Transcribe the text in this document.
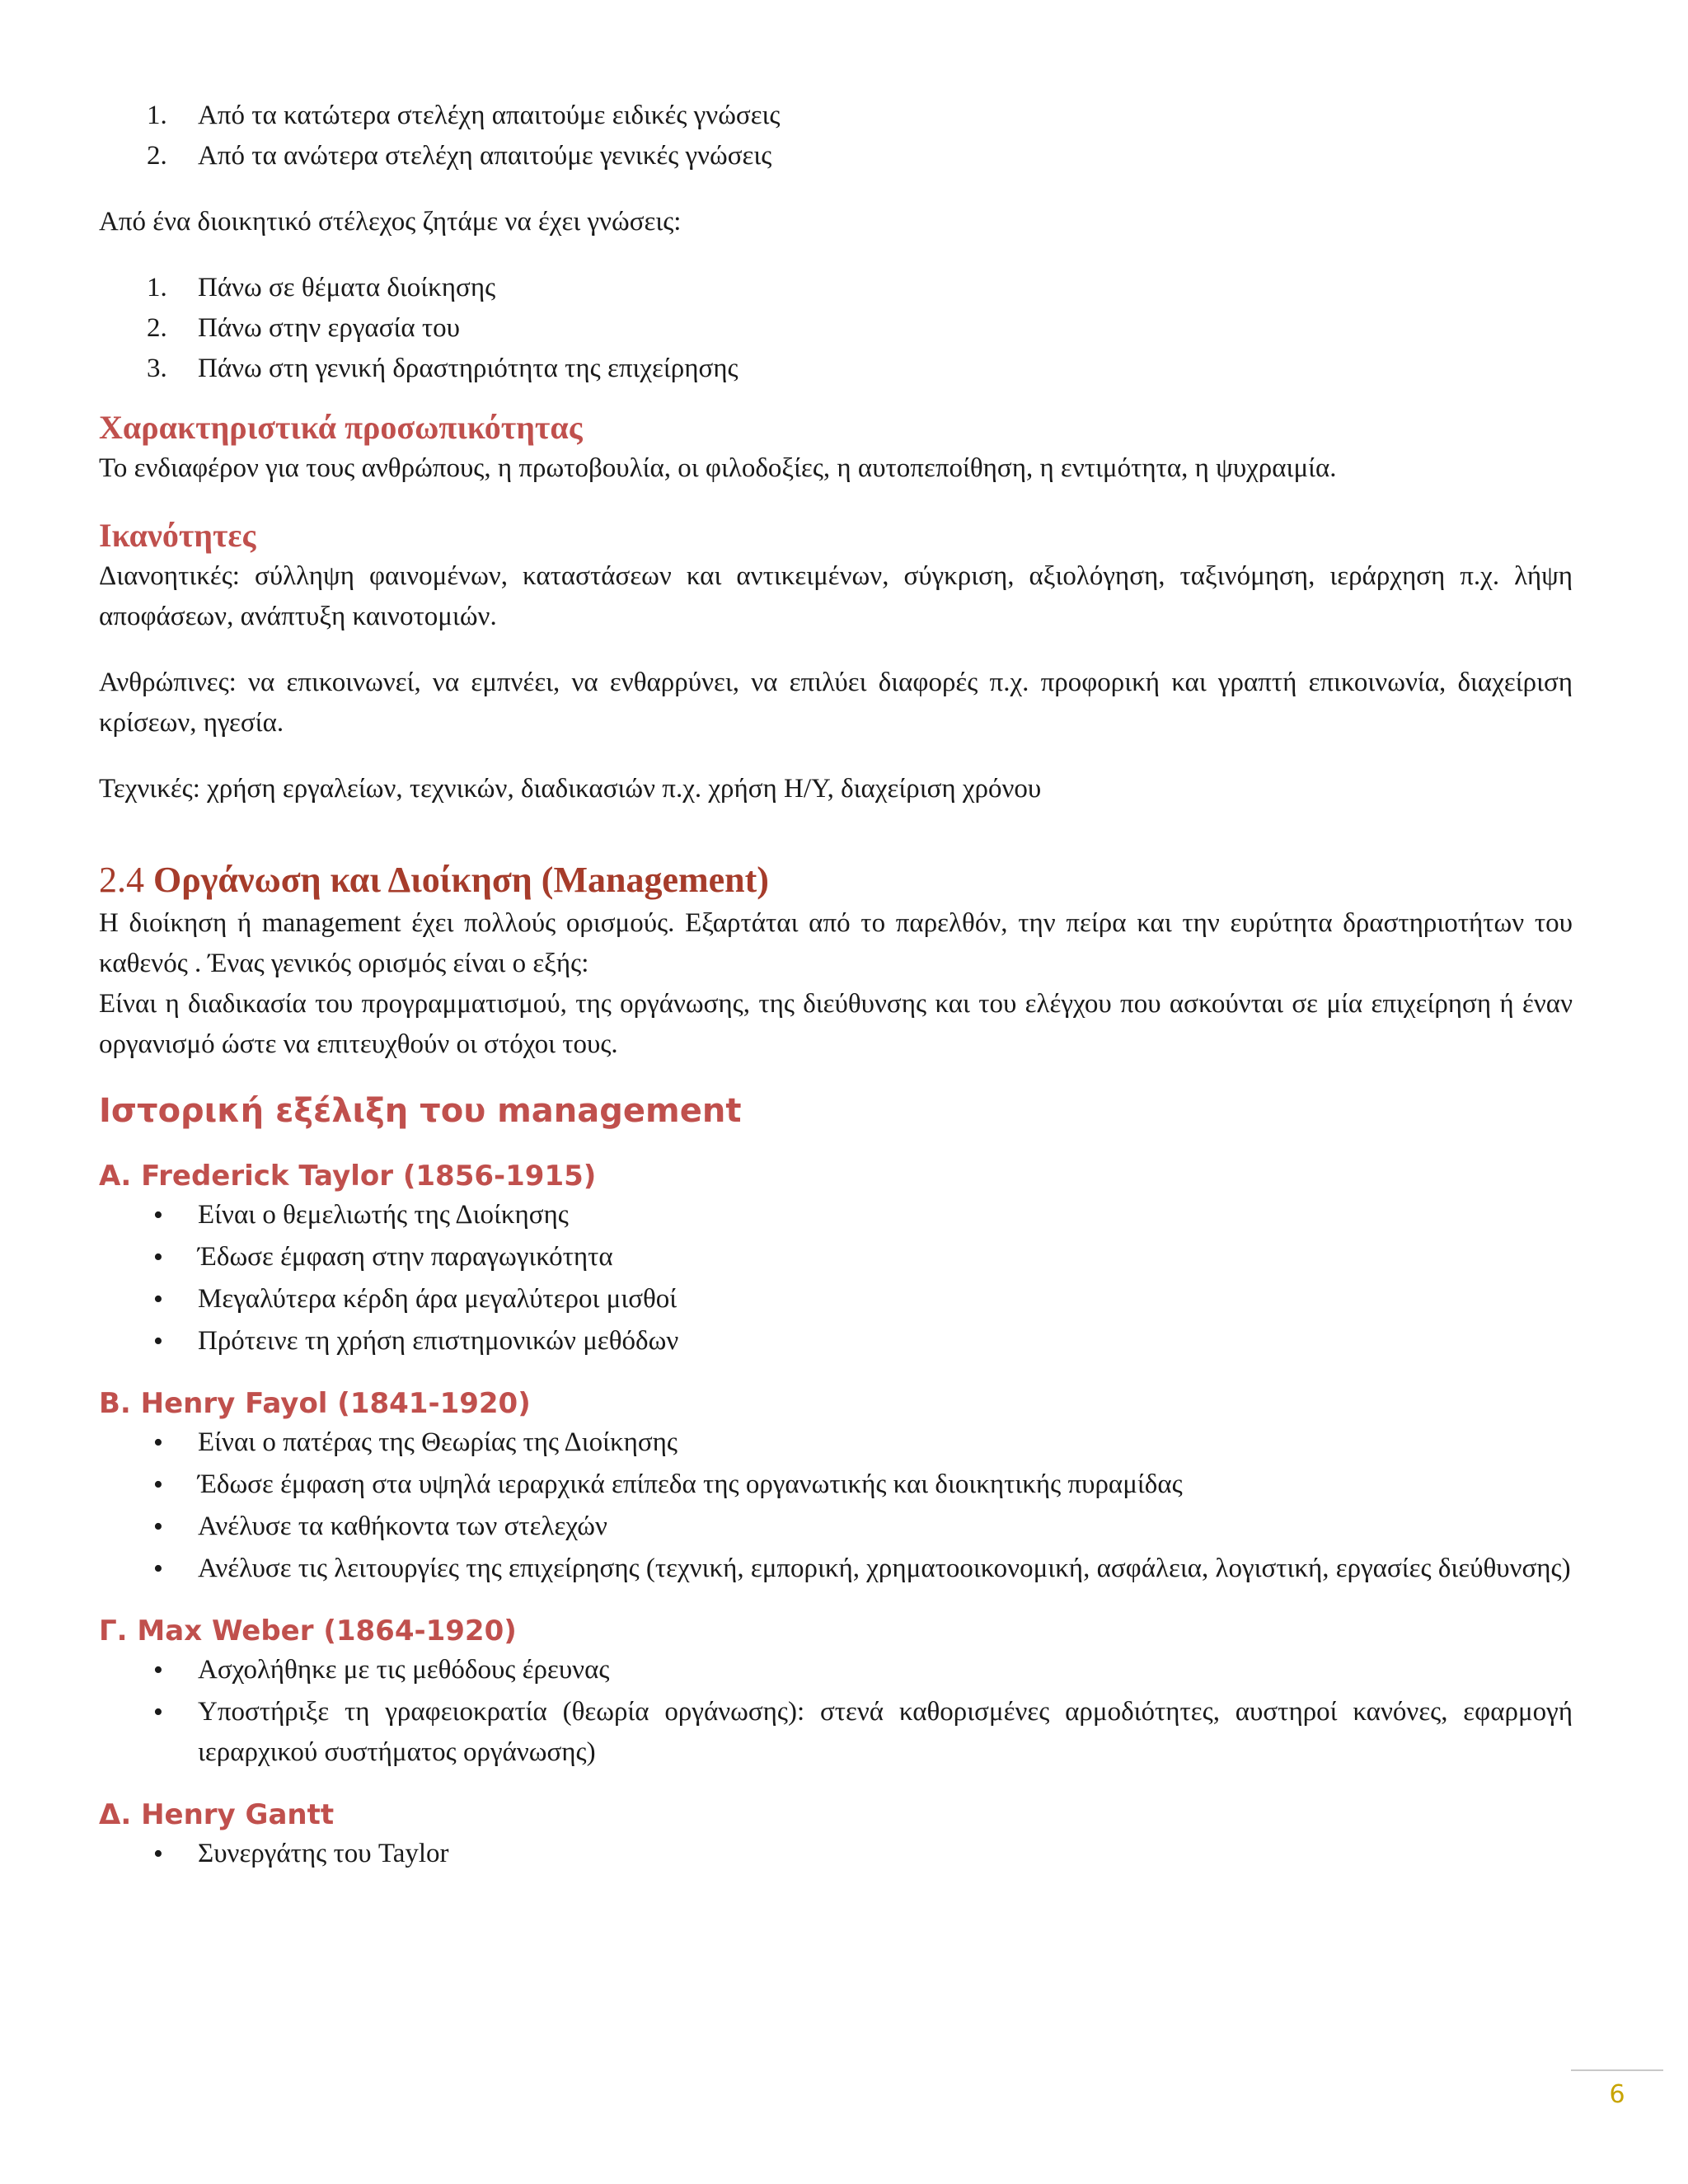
1. Από τα κατώτερα στελέχη απαιτούμε ειδικές γνώσεις
2. Από τα ανώτερα στελέχη απαιτούμε γενικές γνώσεις

Από ένα διοικητικό στέλεχος ζητάμε να έχει γνώσεις:

1. Πάνω σε θέματα διοίκησης
2. Πάνω στην εργασία του
3. Πάνω στη γενική δραστηριότητα της επιχείρησης
Χαρακτηριστικά προσωπικότητας

Το ενδιαφέρον για τους ανθρώπους, η πρωτοβουλία, οι φιλοδοξίες, η αυτοπεποίθηση, η εντιμότητα, η ψυχραιμία.

Ικανότητες

Διανοητικές: σύλληψη φαινομένων, καταστάσεων και αντικειμένων, σύγκριση, αξιολόγηση, ταξινόμηση, ιεράρχηση π.χ. λήψη αποφάσεων, ανάπτυξη καινοτομιών.

Ανθρώπινες: να επικοινωνεί, να εμπνέει, να ενθαρρύνει, να επιλύει διαφορές π.χ. προφορική και γραπτή επικοινωνία, διαχείριση κρίσεων, ηγεσία.

Τεχνικές: χρήση εργαλείων, τεχνικών, διαδικασιών π.χ. χρήση Η/Υ, διαχείριση χρόνου

2.4 Οργάνωση και Διοίκηση (Management)

Η διοίκηση ή management έχει πολλούς ορισμούς. Εξαρτάται από το παρελθόν, την πείρα και την ευρύτητα δραστηριοτήτων του καθενός . Ένας γενικός ορισμός είναι ο εξής:

Είναι η διαδικασία του προγραμματισμού, της οργάνωσης, της διεύθυνσης και του ελέγχου που ασκούνται σε μία επιχείρηση ή έναν οργανισμό ώστε να επιτευχθούν οι στόχοι τους.

Ιστορική εξέλιξη του management
Α. Frederick Taylor (1856-1915)
• Είναι ο θεμελιωτής της Διοίκησης
• Έδωσε έμφαση στην παραγωγικότητα
• Μεγαλύτερα κέρδη άρα μεγαλύτεροι μισθοί
• Πρότεινε τη χρήση επιστημονικών μεθόδων
Β. Henry Fayol (1841-1920)
• Είναι ο πατέρας της Θεωρίας της Διοίκησης
• Έδωσε έμφαση στα υψηλά ιεραρχικά επίπεδα της οργανωτικής και διοικητικής πυραμίδας
• Ανέλυσε τα καθήκοντα των στελεχών
• Ανέλυσε τις λειτουργίες της επιχείρησης (τεχνική, εμπορική, χρηματοοικονομική, ασφάλεια, λογιστική, εργασίες διεύθυνσης)
Γ. Max Weber (1864-1920)
• Ασχολήθηκε με τις μεθόδους έρευνας
• Υποστήριξε τη γραφειοκρατία (θεωρία οργάνωσης): στενά καθορισμένες αρμοδιότητες, αυστηροί κανόνες, εφαρμογή ιεραρχικού συστήματος οργάνωσης)
Δ. Henry Gantt
• Συνεργάτης του Taylor
6
